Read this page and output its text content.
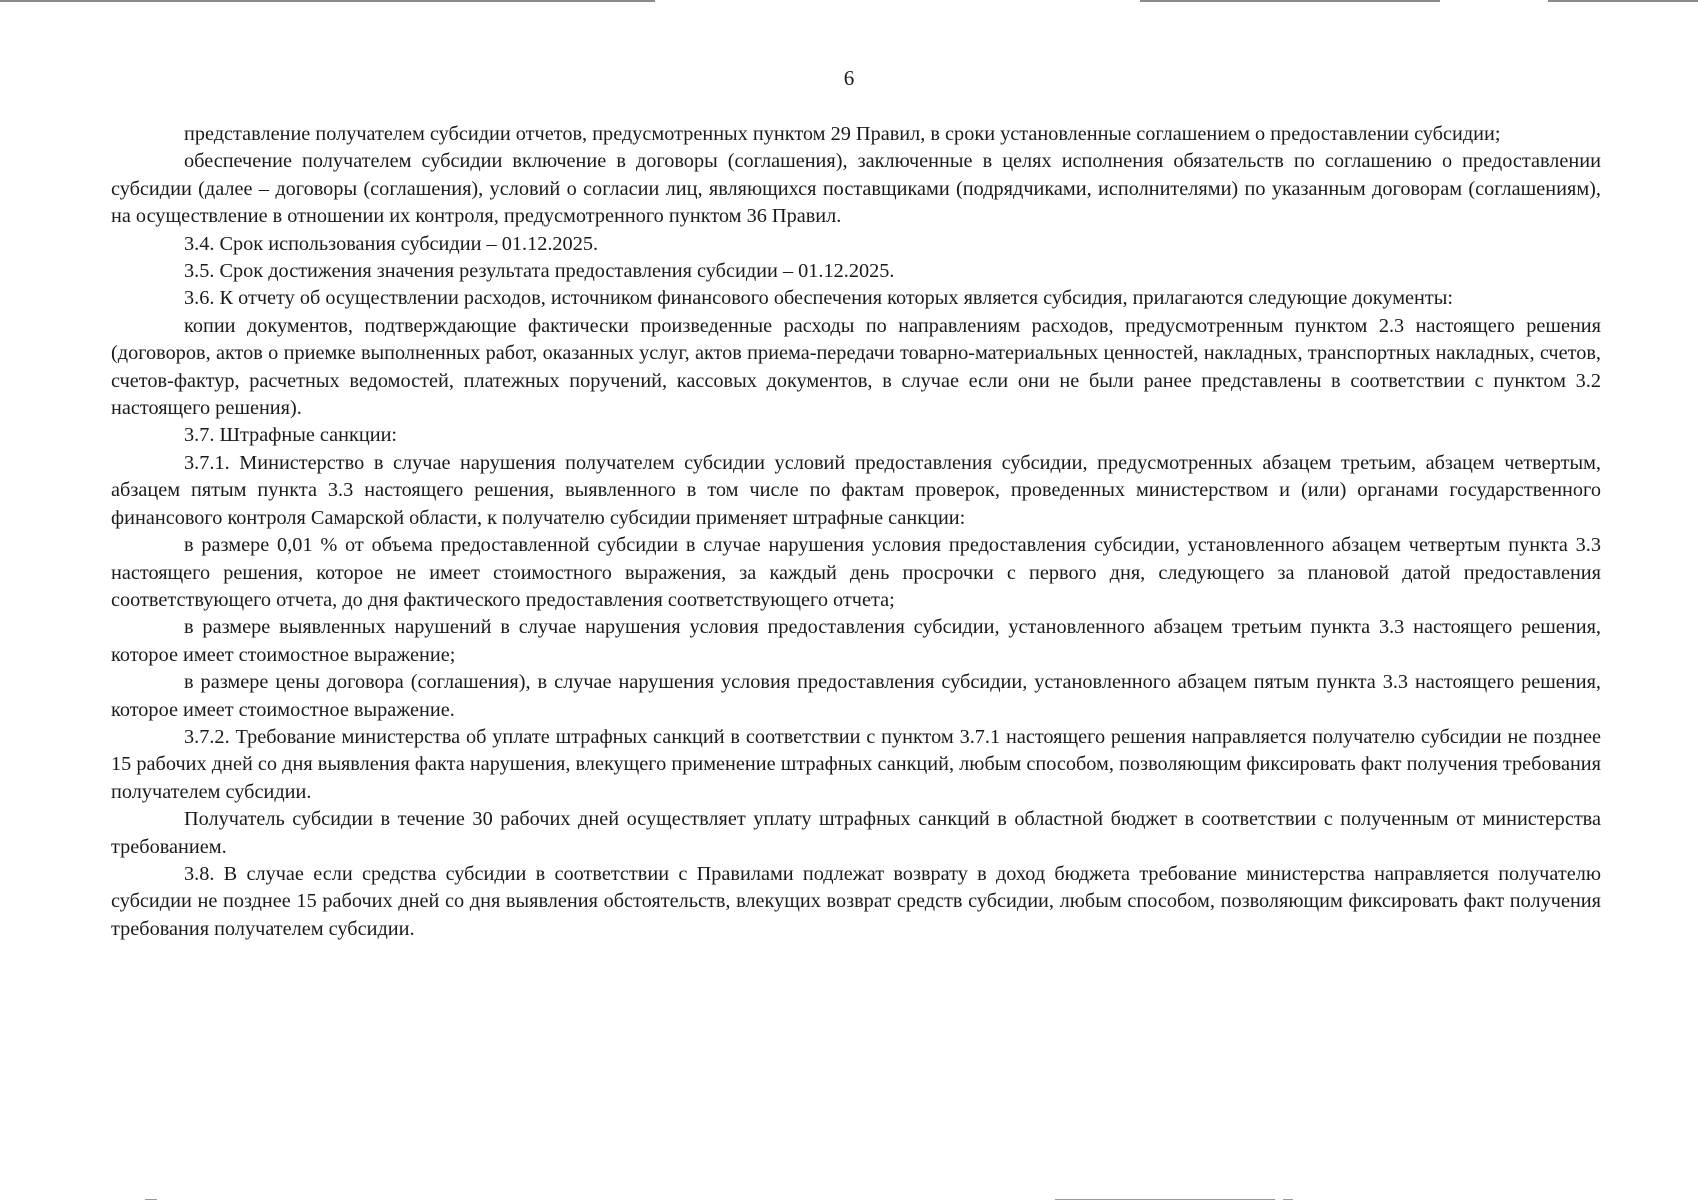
6

представление получателем субсидии отчетов, предусмотренных пунктом 29 Правил, в сроки установленные соглашением о предоставлении субсидии;

обеспечение получателем субсидии включение в договоры (соглашения), заключенные в целях исполнения обязательств по соглашению о предоставлении субсидии (далее – договоры (соглашения), условий о согласии лиц, являющихся поставщиками (подрядчиками, исполнителями) по указанным договорам (соглашениям), на осуществление в отношении их контроля, предусмотренного пунктом 36 Правил.

3.4. Срок использования субсидии – 01.12.2025.

3.5. Срок достижения значения результата предоставления субсидии – 01.12.2025.

3.6. К отчету об осуществлении расходов, источником финансового обеспечения которых является субсидия, прилагаются следующие документы:

копии документов, подтверждающие фактически произведенные расходы по направлениям расходов, предусмотренным пунктом 2.3 настоящего решения (договоров, актов о приемке выполненных работ, оказанных услуг, актов приема-передачи товарно-материальных ценностей, накладных, транспортных накладных, счетов, счетов-фактур, расчетных ведомостей, платежных поручений, кассовых документов, в случае если они не были ранее представлены в соответствии с пунктом 3.2 настоящего решения).

3.7. Штрафные санкции:

3.7.1. Министерство в случае нарушения получателем субсидии условий предоставления субсидии, предусмотренных абзацем третьим, абзацем четвертым, абзацем пятым пункта 3.3 настоящего решения, выявленного в том числе по фактам проверок, проведенных министерством и (или) органами государственного финансового контроля Самарской области, к получателю субсидии применяет штрафные санкции:

в размере 0,01 % от объема предоставленной субсидии в случае нарушения условия предоставления субсидии, установленного абзацем четвертым пункта 3.3 настоящего решения, которое не имеет стоимостного выражения, за каждый день просрочки с первого дня, следующего за плановой датой предоставления соответствующего отчета, до дня фактического предоставления соответствующего отчета;

в размере выявленных нарушений в случае нарушения условия предоставления субсидии, установленного абзацем третьим пункта 3.3 настоящего решения, которое имеет стоимостное выражение;

в размере цены договора (соглашения), в случае нарушения условия предоставления субсидии, установленного абзацем пятым пункта 3.3 настоящего решения, которое имеет стоимостное выражение.

3.7.2. Требование министерства об уплате штрафных санкций в соответствии с пунктом 3.7.1 настоящего решения направляется получателю субсидии не позднее 15 рабочих дней со дня выявления факта нарушения, влекущего применение штрафных санкций, любым способом, позволяющим фиксировать факт получения требования получателем субсидии.

Получатель субсидии в течение 30 рабочих дней осуществляет уплату штрафных санкций в областной бюджет в соответствии с полученным от министерства требованием.

3.8. В случае если средства субсидии в соответствии с Правилами подлежат возврату в доход бюджета требование министерства направляется получателю субсидии не позднее 15 рабочих дней со дня выявления обстоятельств, влекущих возврат средств субсидии, любым способом, позволяющим фиксировать факт получения требования получателем субсидии.
